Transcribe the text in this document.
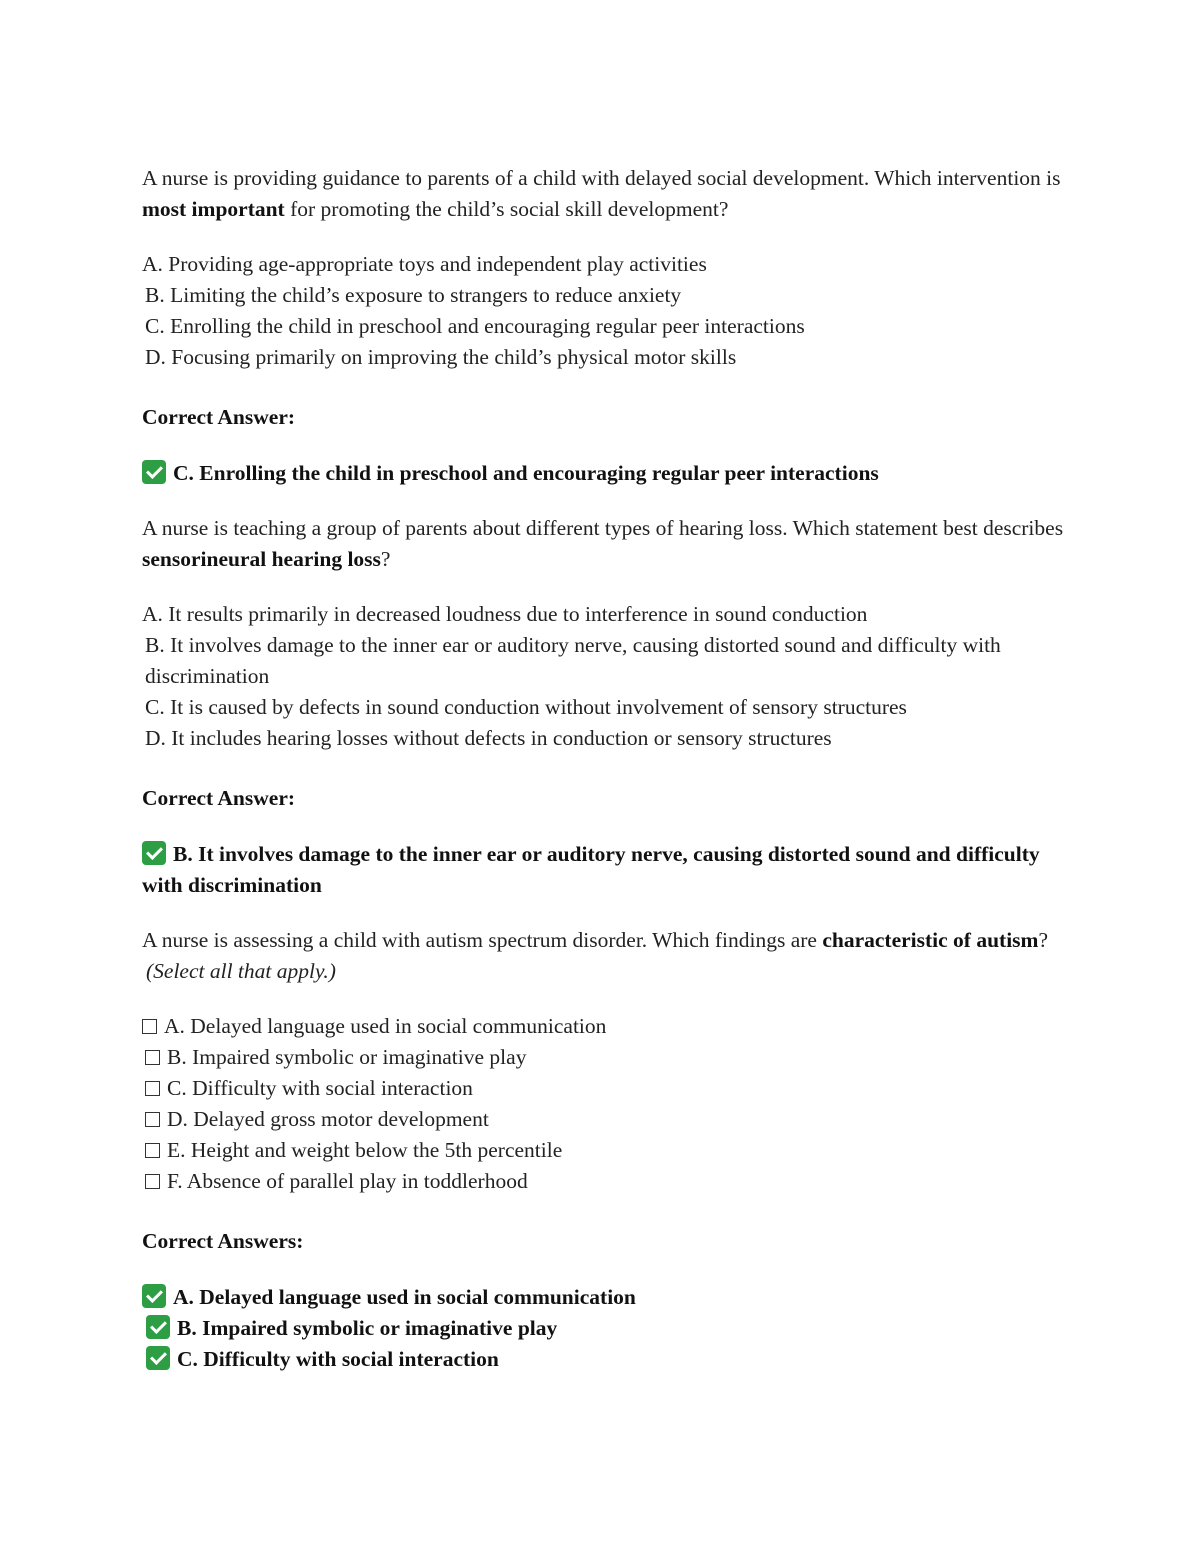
A nurse is providing guidance to parents of a child with delayed social development. Which intervention is most important for promoting the child’s social skill development?

A. Providing age-appropriate toys and independent play activities
B. Limiting the child’s exposure to strangers to reduce anxiety
C. Enrolling the child in preschool and encouraging regular peer interactions
D. Focusing primarily on improving the child’s physical motor skills

Correct Answer:

C. Enrolling the child in preschool and encouraging regular peer interactions

A nurse is teaching a group of parents about different types of hearing loss. Which statement best describes sensorineural hearing loss?

A. It results primarily in decreased loudness due to interference in sound conduction
B. It involves damage to the inner ear or auditory nerve, causing distorted sound and difficulty with discrimination
C. It is caused by defects in sound conduction without involvement of sensory structures
D. It includes hearing losses without defects in conduction or sensory structures

Correct Answer:

B. It involves damage to the inner ear or auditory nerve, causing distorted sound and difficulty with discrimination

A nurse is assessing a child with autism spectrum disorder. Which findings are characteristic of autism?
(Select all that apply.)

A. Delayed language used in social communication
B. Impaired symbolic or imaginative play
C. Difficulty with social interaction
D. Delayed gross motor development
E. Height and weight below the 5th percentile
F. Absence of parallel play in toddlerhood

Correct Answers:

A. Delayed language used in social communication
B. Impaired symbolic or imaginative play
C. Difficulty with social interaction
